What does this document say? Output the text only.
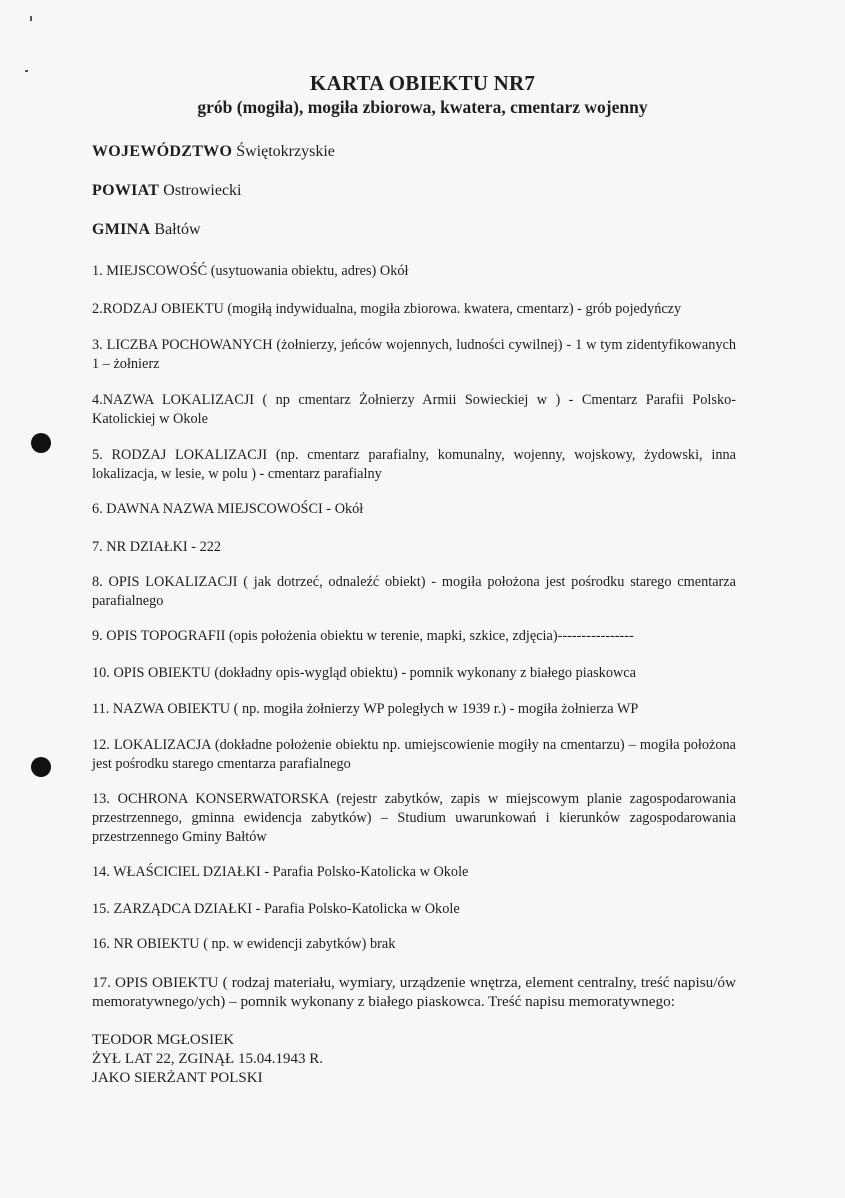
KARTA OBIEKTU NR7
grób (mogiła), mogiła zbiorowa, kwatera, cmentarz wojenny
WOJEWÓDZTWO Świętokrzyskie
POWIAT Ostrowiecki
GMINA Bałtów
1. MIEJSCOWOŚĆ (usytuowania obiektu, adres) Okół
2.RODZAJ OBIEKTU (mogiłą indywidualna, mogiła zbiorowa. kwatera, cmentarz) - grób pojedyńczy
3. LICZBA POCHOWANYCH (żołnierzy, jeńców wojennych, ludności cywilnej) - 1 w tym zidentyfikowanych 1 – żołnierz
4.NAZWA LOKALIZACJI ( np cmentarz Żołnierzy Armii Sowieckiej w ) - Cmentarz Parafii Polsko-Katolickiej w Okole
5. RODZAJ LOKALIZACJI (np. cmentarz parafialny, komunalny, wojenny, wojskowy, żydowski, inna lokalizacja, w lesie, w polu ) - cmentarz parafialny
6. DAWNA NAZWA MIEJSCOWOŚCI - Okół
7. NR DZIAŁKI - 222
8. OPIS LOKALIZACJI ( jak dotrzeć, odnaleźć obiekt) - mogiła położona jest pośrodku starego cmentarza parafialnego
9. OPIS TOPOGRAFII (opis położenia obiektu w terenie, mapki, szkice, zdjęcia)----------------
10. OPIS OBIEKTU (dokładny opis-wygląd obiektu) - pomnik wykonany z białego piaskowca
11. NAZWA OBIEKTU ( np. mogiła żołnierzy WP poległych w 1939 r.) - mogiła żołnierza WP
12. LOKALIZACJA (dokładne położenie obiektu np. umiejscowienie mogiły na cmentarzu) – mogiła położona jest pośrodku starego cmentarza parafialnego
13. OCHRONA KONSERWATORSKA (rejestr zabytków, zapis w miejscowym planie zagospodarowania przestrzennego, gminna ewidencja zabytków) – Studium uwarunkowań i kierunków zagospodarowania przestrzennego Gminy Bałtów
14. WŁAŚCICIEL DZIAŁKI - Parafia Polsko-Katolicka w Okole
15. ZARZĄDCA DZIAŁKI - Parafia Polsko-Katolicka w Okole
16. NR OBIEKTU ( np. w ewidencji zabytków) brak
17. OPIS OBIEKTU ( rodzaj materiału, wymiary, urządzenie wnętrza, element centralny, treść napisu/ów memoratywnego/ych) – pomnik wykonany z białego piaskowca. Treść napisu memoratywnego:
TEODOR MGŁOSIEK
ŻYŁ LAT 22, ZGINĄŁ 15.04.1943 R.
JAKO SIERŻANT POLSKI
